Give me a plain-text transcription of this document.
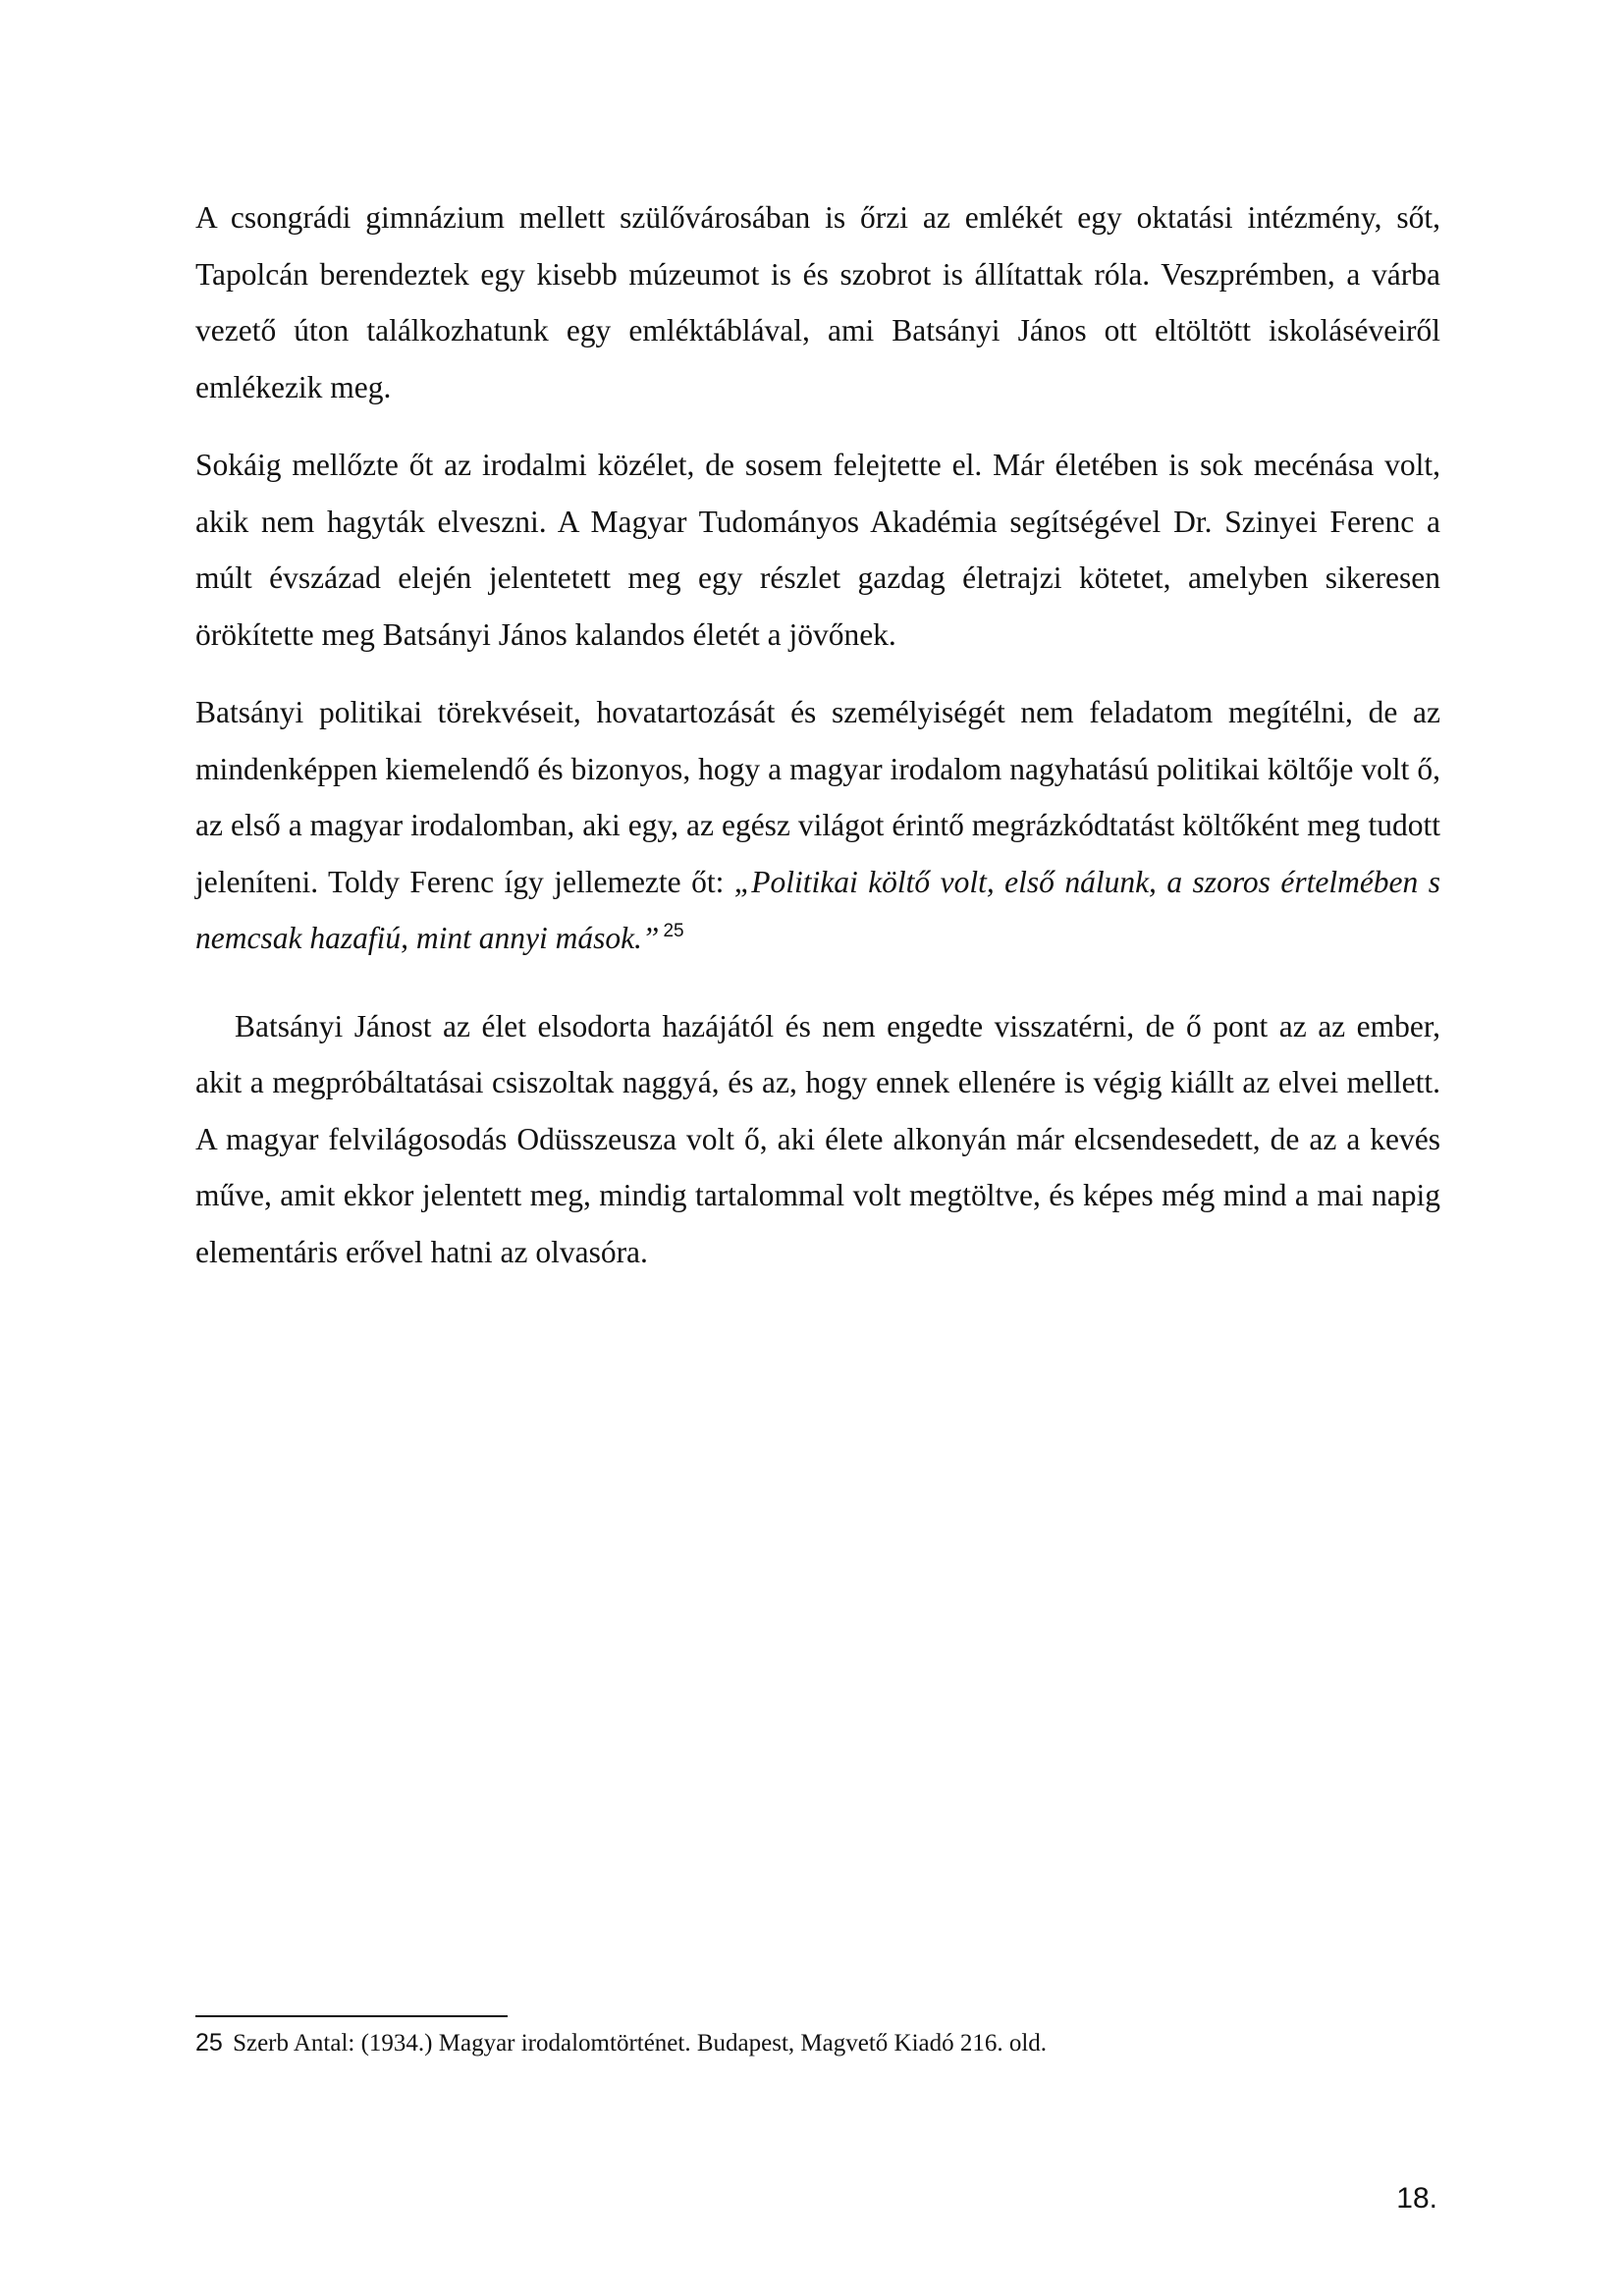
A csongrádi gimnázium mellett szülővárosában is őrzi az emlékét egy oktatási intézmény, sőt, Tapolcán berendeztek egy kisebb múzeumot is és szobrot is állítattak róla. Veszprémben, a várba vezető úton találkozhatunk egy emléktáblával, ami Batsányi János ott eltöltött iskoláséveiről emlékezik meg.

Sokáig mellőzte őt az irodalmi közélet, de sosem felejtette el. Már életében is sok mecénása volt, akik nem hagyták elveszni. A Magyar Tudományos Akadémia segítségével Dr. Szinyei Ferenc a múlt évszázad elején jelentetett meg egy részlet gazdag életrajzi kötetet, amelyben sikeresen örökítette meg Batsányi János kalandos életét a jövőnek.

Batsányi politikai törekvéseit, hovatartozását és személyiségét nem feladatom megítélni, de az mindenképpen kiemelendő és bizonyos, hogy a magyar irodalom nagyhatású politikai költője volt ő, az első a magyar irodalomban, aki egy, az egész világot érintő megrázkódtatást költőként meg tudott jeleníteni. Toldy Ferenc így jellemezte őt: „Politikai költő volt, első nálunk, a szoros értelmében s nemcsak hazafiú, mint annyi mások.” $^{25}$

Batsányi Jánost az élet elsodorta hazájától és nem engedte visszatérni, de ő pont az az ember, akit a megpróbáltatásai csiszoltak naggyá, és az, hogy ennek ellenére is végig kiállt az elvei mellett. A magyar felvilágosodás Odüsszeusza volt ő, aki élete alkonyán már elcsendesedett, de az a kevés műve, amit ekkor jelentett meg, mindig tartalommal volt megtöltve, és képes még mind a mai napig elementáris erővel hatni az olvasóra.

25 Szerb Antal: (1934.) Magyar irodalomtörténet. Budapest, Magvető Kiadó 216. old.
18.
